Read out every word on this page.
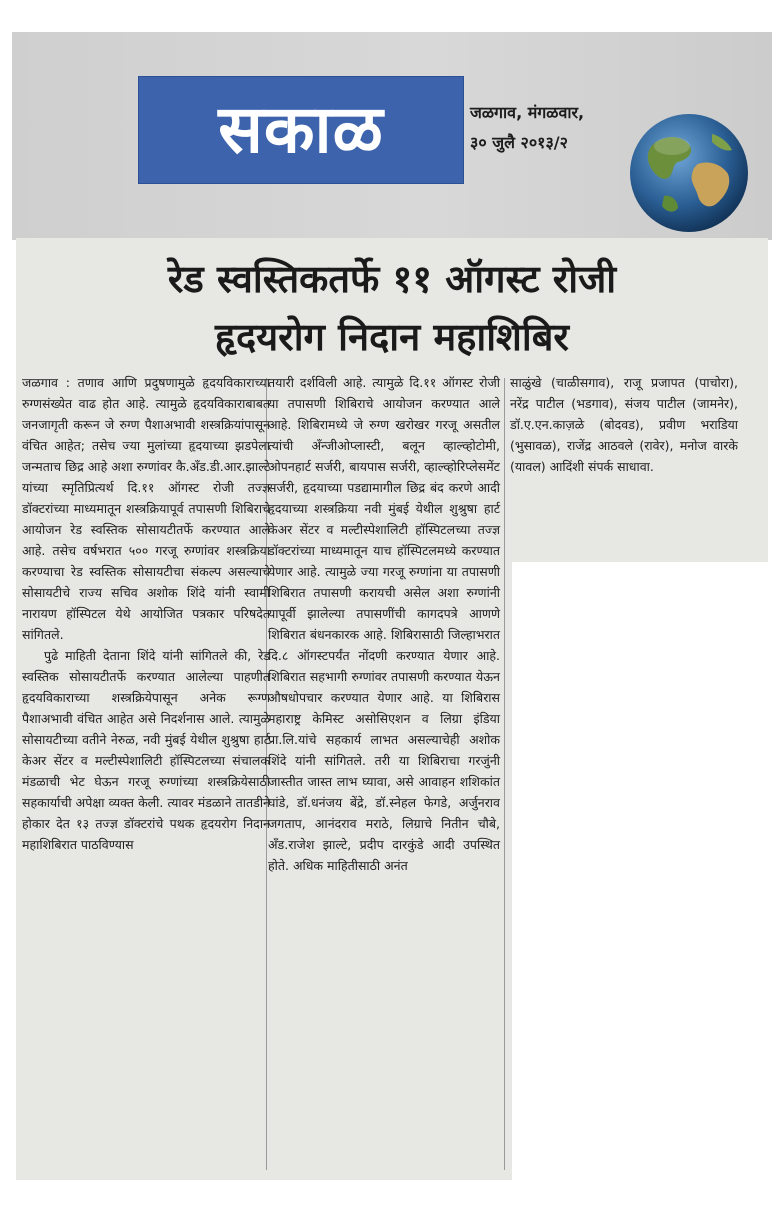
सकाळ	जळगाव, मंगळवार,
३० जुलै २०१३/२
रेड स्वस्तिकतर्फे ११ ऑगस्ट रोजी
हृदयरोग निदान महाशिबिर

जळगाव : तणाव आणि प्रदुषणामुळे हृदयविकाराच्या रुग्णसंख्येत वाढ होत आहे. त्यामुळे हृदयविकाराबाबत जनजागृती करून जे रुग्ण पैशाअभावी शस्त्रक्रियांपासून वंचित आहेत; तसेच ज्या मुलांच्या हृदयाच्या झडपेला जन्मताच छिद्र आहे अशा रुग्णांवर कै.अँड.डी.आर.झाल्टे यांच्या स्मृतिप्रित्यर्थ दि.११ ऑगस्ट रोजी तज्ज्ञ डॉक्टरांच्या माध्यमातून शस्त्रक्रियापूर्व तपासणी शिबिराचे आयोजन रेड स्वस्तिक सोसायटीतर्फे करण्यात आले आहे. तसेच वर्षभरात ५०० गरजू रुग्णांवर शस्त्रक्रिया करण्याचा रेड स्वस्तिक सोसायटीचा संकल्प असल्याचे सोसायटीचे राज्य सचिव अशोक शिंदे यांनी स्वामी नारायण हॉस्पिटल येथे आयोजित पत्रकार परिषदेत सांगितले.

पुढे माहिती देताना शिंदे यांनी सांगितले की, रेड स्वस्तिक सोसायटीतर्फे करण्यात आलेल्या पाहणीत हृदयविकाराच्या शस्त्रक्रियेपासून अनेक रूग्ण पैशाअभावी वंचित आहेत असे निदर्शनास आले. त्यामुळे सोसायटीच्या वतीने नेरुळ, नवी मुंबई येथील शुश्रुषा हार्ट केअर सेंटर व मल्टीस्पेशालिटी हॉस्पिटलच्या संचालक मंडळाची भेट घेऊन गरजू रुग्णांच्या शस्त्रक्रियेसाठी सहकार्याची अपेक्षा व्यक्त केली. त्यावर मंडळाने तातडीने होकार देत १३ तज्ज्ञ डॉक्टरांचे पथक हृदयरोग निदान महाशिबिरात पाठविण्यास

तयारी दर्शविली आहे. त्यामुळे दि.११ ऑगस्ट रोजी या तपासणी शिबिराचे आयोजन करण्यात आले आहे. शिबिरामध्ये जे रुग्ण खरोखर गरजू असतील त्यांची अँन्जीओप्लास्टी, बलून व्हाल्व्होटोमी, ओपनहार्ट सर्जरी, बायपास सर्जरी, व्हाल्व्होरिप्लेसमेंट सर्जरी, हृदयाच्या पडद्यामागील छिद्र बंद करणे आदी हृदयाच्या शस्त्रक्रिया नवी मुंबई येथील शुश्रुषा हार्ट केअर सेंटर व मल्टीस्पेशालिटी हॉस्पिटलच्या तज्ज्ञ डॉक्टरांच्या माध्यमातून याच हॉस्पिटलमध्ये करण्यात येणार आहे. त्यामुळे ज्या गरजू रुग्णांना या तपासणी शिबिरात तपासणी करायची असेल अशा रुग्णांनी यापूर्वी झालेल्या तपासणींची कागदपत्रे आणणे शिबिरात बंधनकारक आहे. शिबिरासाठी जिल्हाभरात दि.८ ऑगस्टपर्यंत नोंदणी करण्यात येणार आहे. शिबिरात सहभागी रुग्णांवर तपासणी करण्यात येऊन औषधोपचार करण्यात येणार आहे. या शिबिरास महाराष्ट्र केमिस्ट असोसिएशन व लिग्रा इंडिया प्रा.लि.यांचे सहकार्य लाभत असल्याचेही अशोक शिंदे यांनी सांगितले. तरी या शिबिराचा गरजुंनी जास्तीत जास्त लाभ घ्यावा, असे आवाहन शशिकांत घांडे, डॉ.धनंजय बेंद्रे, डॉ.स्नेहल फेगडे, अर्जुनराव जगताप, आनंदराव मराठे, लिग्राचे नितीन चौबे, अँड.राजेश झाल्टे, प्रदीप दारकुंडे आदी उपस्थित होते. अधिक माहितीसाठी अनंत

साळुंखे (चाळीसगाव), राजू प्रजापत (पाचोरा), नरेंद्र पाटील (भडगाव), संजय पाटील (जामनेर), डॉ.ए.एन.काज़ळे (बोदवड), प्रवीण भराडिया (भुसावळ), राजेंद्र आठवले (रावेर), मनोज वारके (यावल) आदिंशी संपर्क साधावा.
